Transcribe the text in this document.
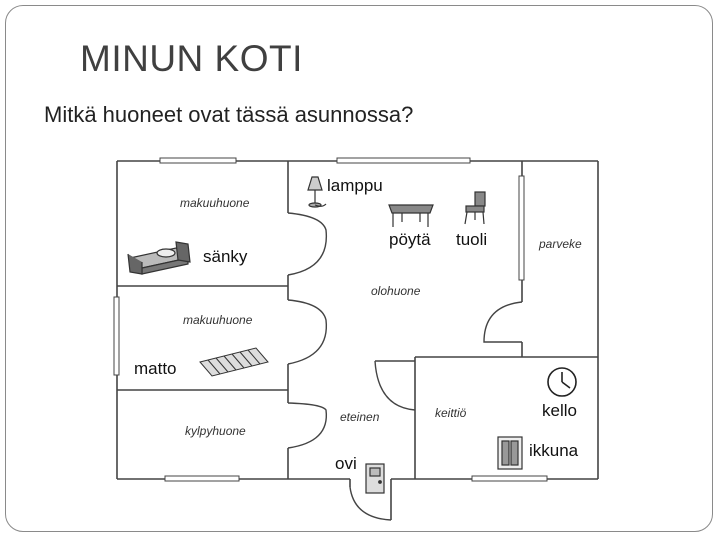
MINUN KOTI
Mitkä huoneet ovat tässä asunnossa?
makuuhuone
makuuhuone
kylpyhuone
olohuone
parveke
eteinen	keittiö
lamppu
pöytä tuoli
sänky
matto
kello
ikkuna
ovi
